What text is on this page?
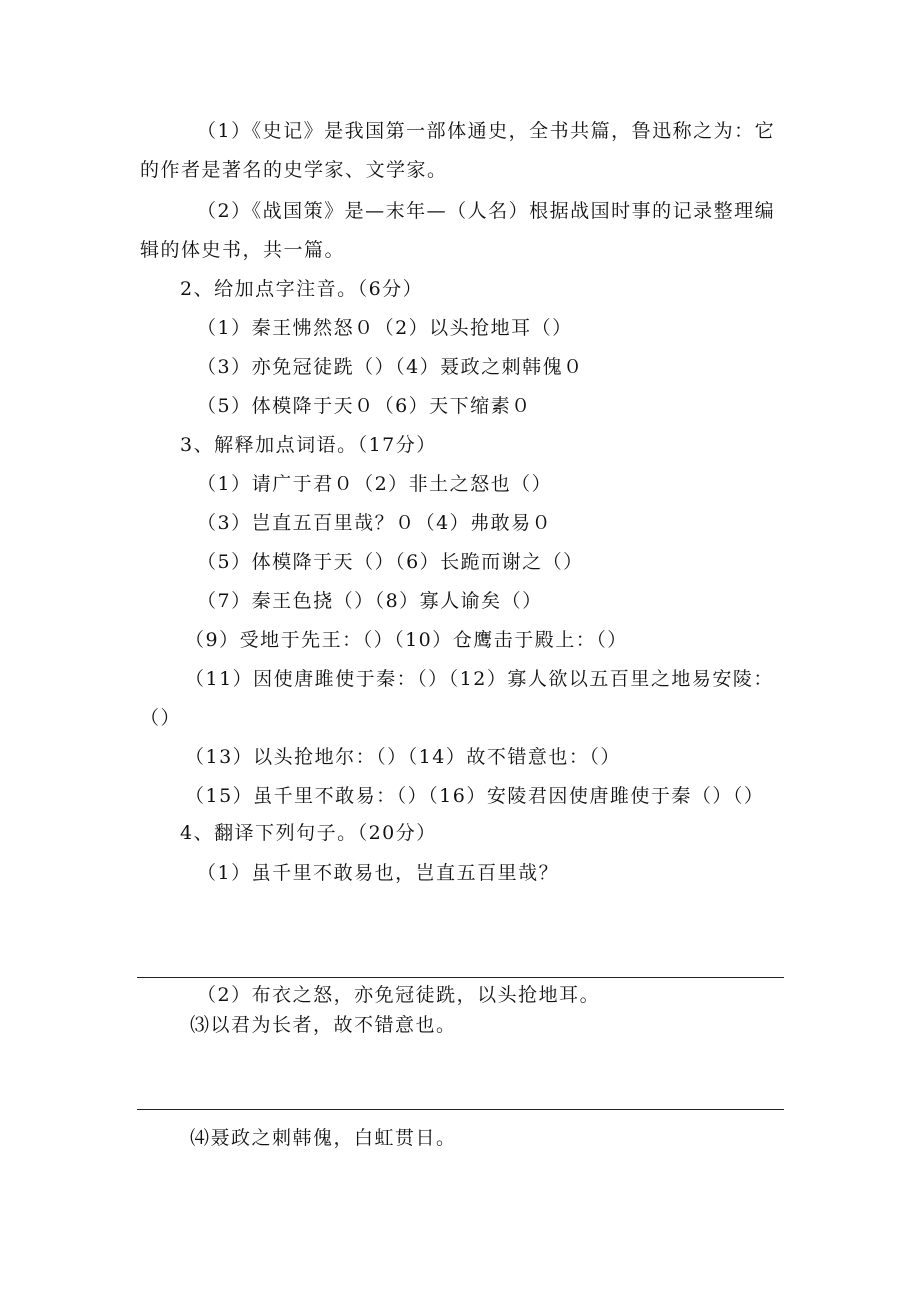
（1）《史记》是我国第一部体通史，全书共篇，鲁迅称之为：它
的作者是著名的史学家、文学家。
（2）《战国策》是—末年—（人名）根据战国时事的记录整理编
辑的体史书，共一篇。
2、给加点字注音。（6分）
（1）秦王怫然怒０（2）以头抢地耳（）
（3）亦免冠徒跣（）（4）聂政之刺韩傀０
（5）体模降于天０（6）天下缩素０
3、解释加点词语。（17分）
（1）请广于君０（2）非土之怒也（）
（3）岂直五百里哉？０（4）弗敢易０
（5）体模降于天（）（6）长跪而谢之（）
（7）秦王色挠（）（8）寡人谕矣（）
（9）受地于先王：（）（10）仓鹰击于殿上：（）
（11）因使唐雎使于秦：（）（12）寡人欲以五百里之地易安陵：
（）
（13）以头抢地尔：（）（14）故不错意也：（）
（15）虽千里不敢易：（）（16）安陵君因使唐雎使于秦（）（）
4、翻译下列句子。（20分）
（1）虽千里不敢易也，岂直五百里哉？
（2）布衣之怒，亦免冠徒跣，以头抢地耳。
⑶以君为长者，故不错意也。
⑷聂政之刺韩傀，白虹贯日。
